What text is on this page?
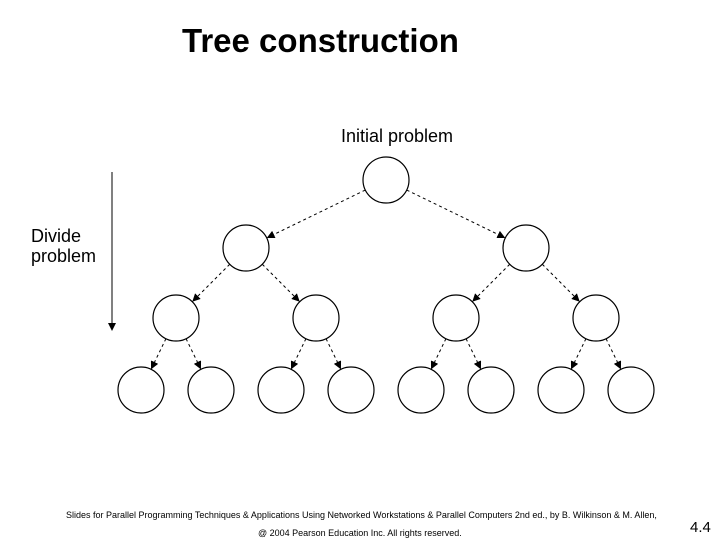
Tree construction
Initial problem
Divide
problem
Slides for Parallel Programming Techniques & Applications Using Networked Workstations & Parallel Computers 2nd ed., by B. Wilkinson & M. Allen,
@ 2004 Pearson Education Inc. All rights reserved.	4.4
